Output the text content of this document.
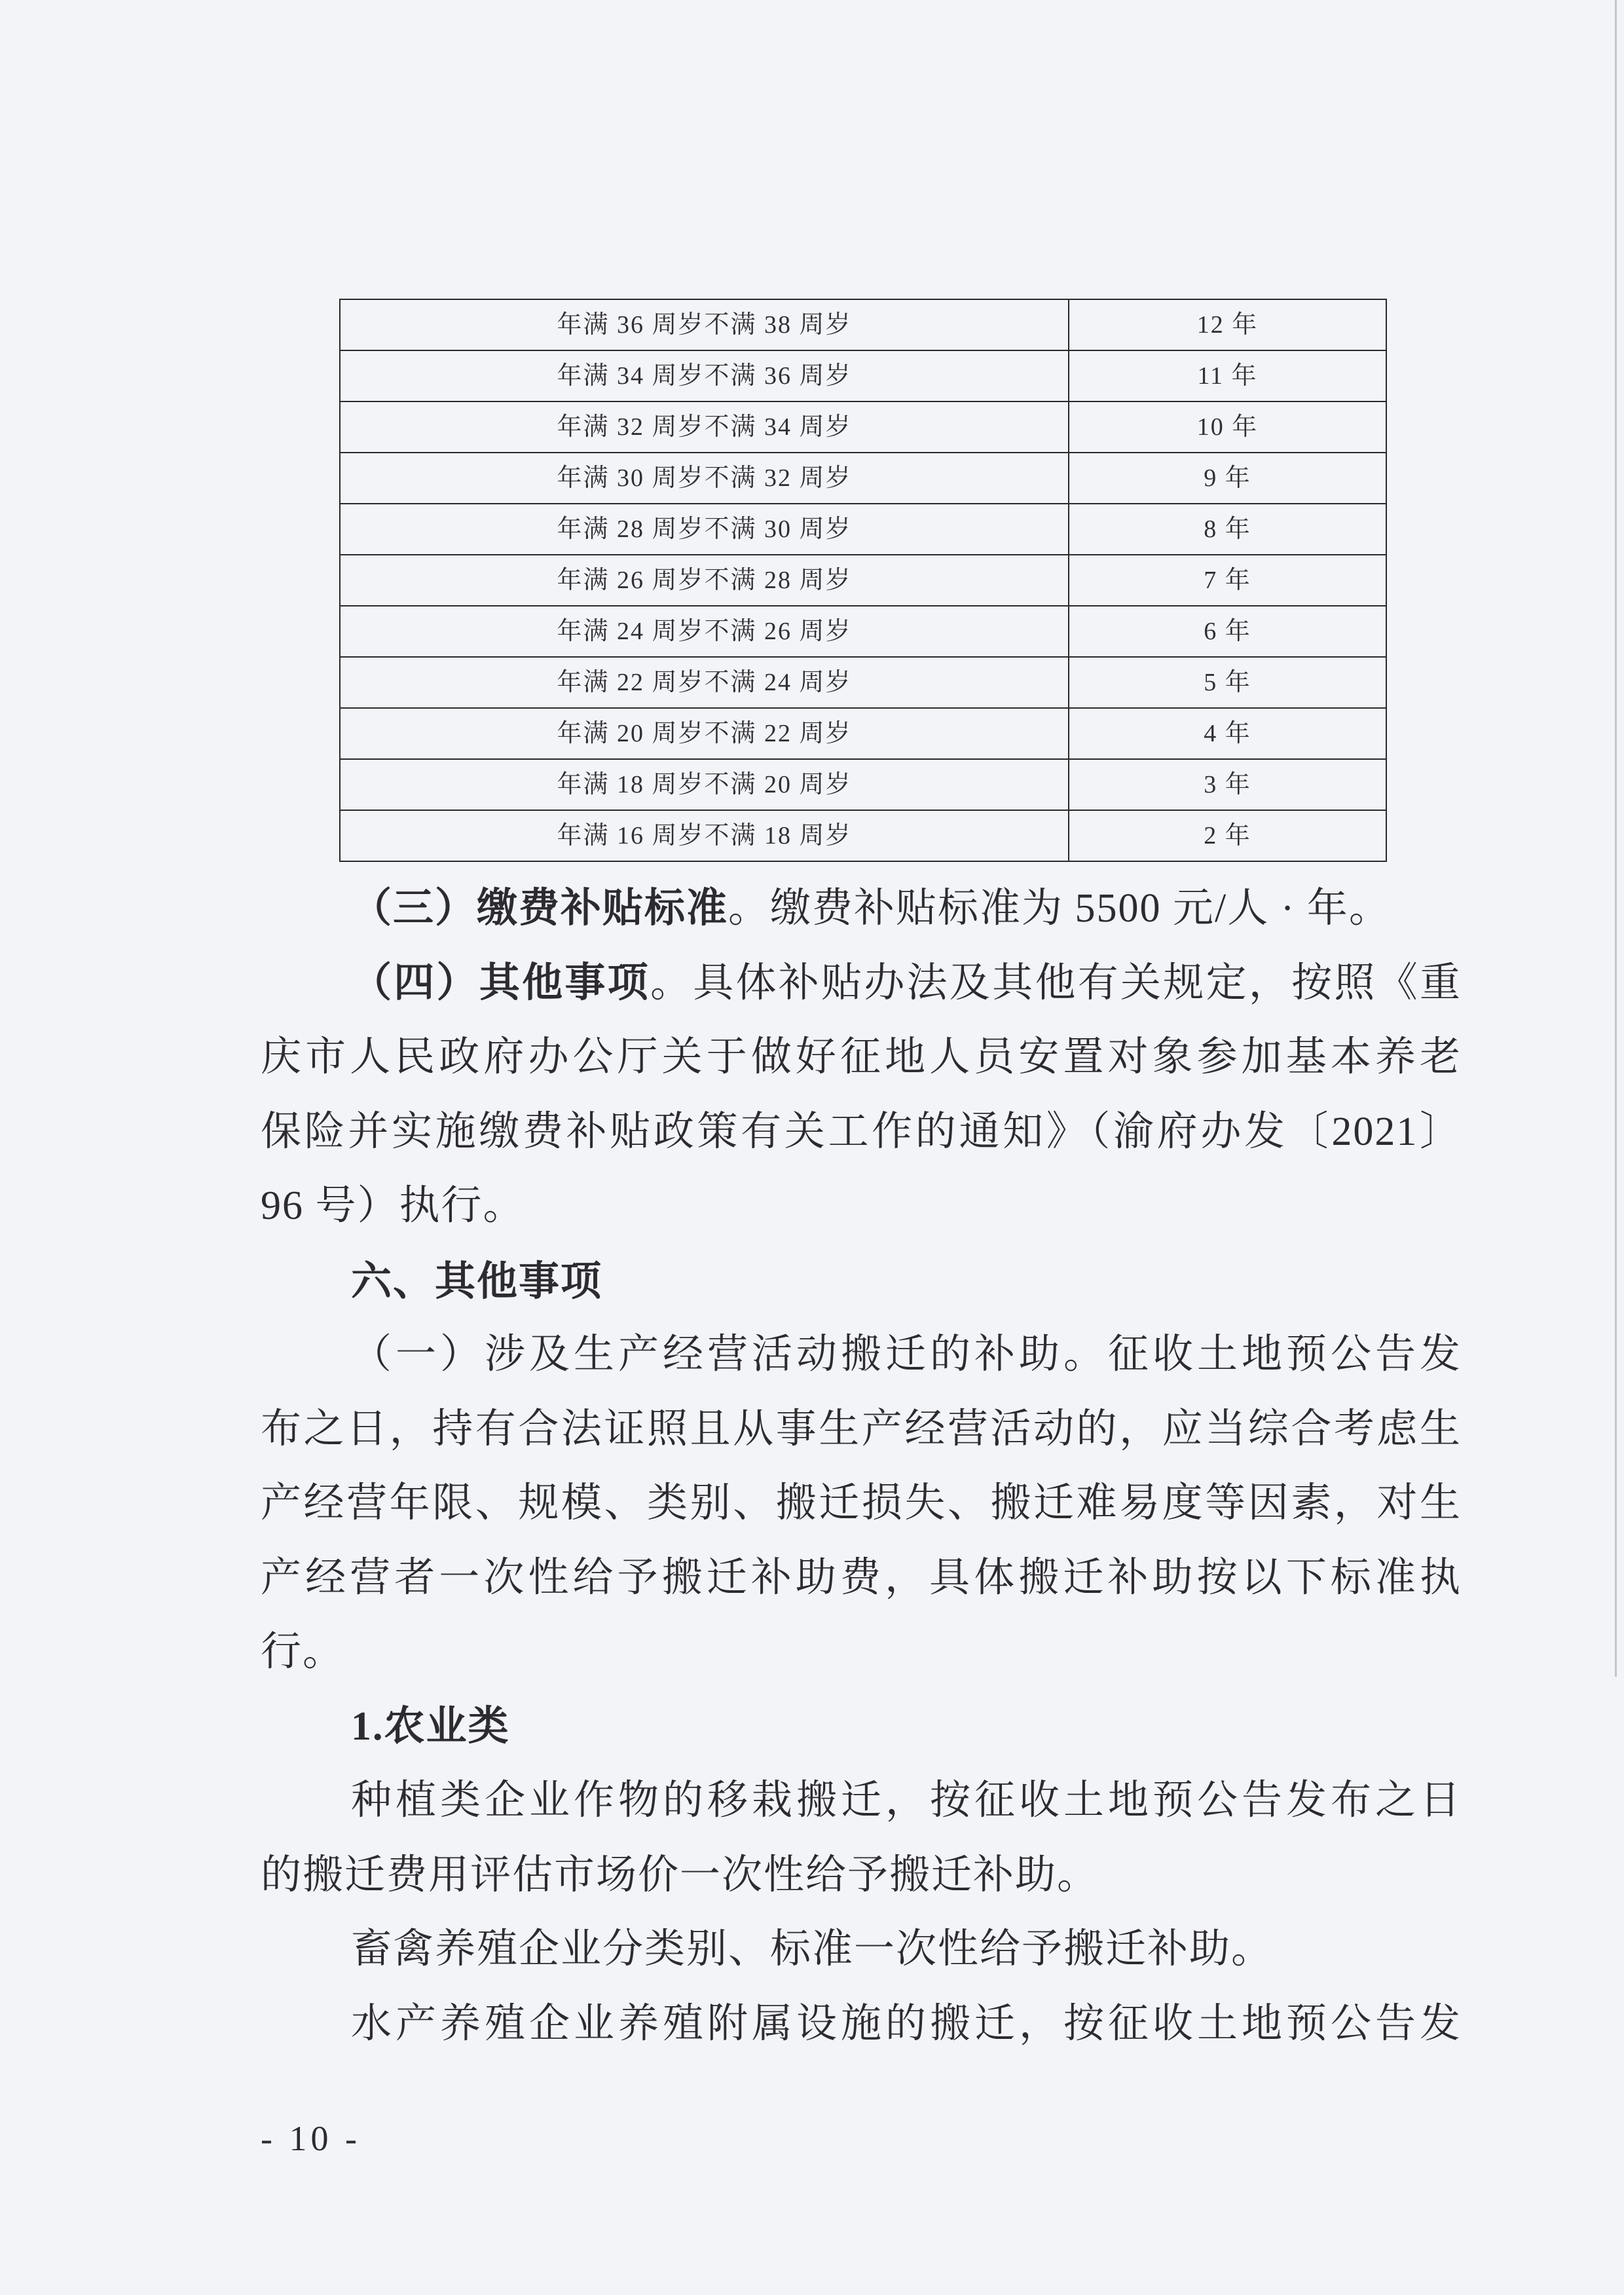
年满 36 周岁不满 38 周岁	12 年
年满 34 周岁不满 36 周岁	11 年
年满 32 周岁不满 34 周岁	10 年
年满 30 周岁不满 32 周岁	9 年
年满 28 周岁不满 30 周岁	8 年
年满 26 周岁不满 28 周岁	7 年
年满 24 周岁不满 26 周岁	6 年
年满 22 周岁不满 24 周岁	5 年
年满 20 周岁不满 22 周岁	4 年
年满 18 周岁不满 20 周岁	3 年
年满 16 周岁不满 18 周岁	2 年
（三）缴费补贴标准。缴费补贴标准为 5500 元/人 · 年。
（四）其他事项。具体补贴办法及其他有关规定，按照《重
庆市人民政府办公厅关于做好征地人员安置对象参加基本养老
保险并实施缴费补贴政策有关工作的通知》（渝府办发〔2021〕
96 号）执行。
六、其他事项
（一）涉及生产经营活动搬迁的补助。征收土地预公告发
布之日，持有合法证照且从事生产经营活动的，应当综合考虑生
产经营年限、规模、类别、搬迁损失、搬迁难易度等因素，对生
产经营者一次性给予搬迁补助费，具体搬迁补助按以下标准执
行。
1.农业类
种植类企业作物的移栽搬迁，按征收土地预公告发布之日
的搬迁费用评估市场价一次性给予搬迁补助。
畜禽养殖企业分类别、标准一次性给予搬迁补助。
水产养殖企业养殖附属设施的搬迁，按征收土地预公告发
- 10 -
